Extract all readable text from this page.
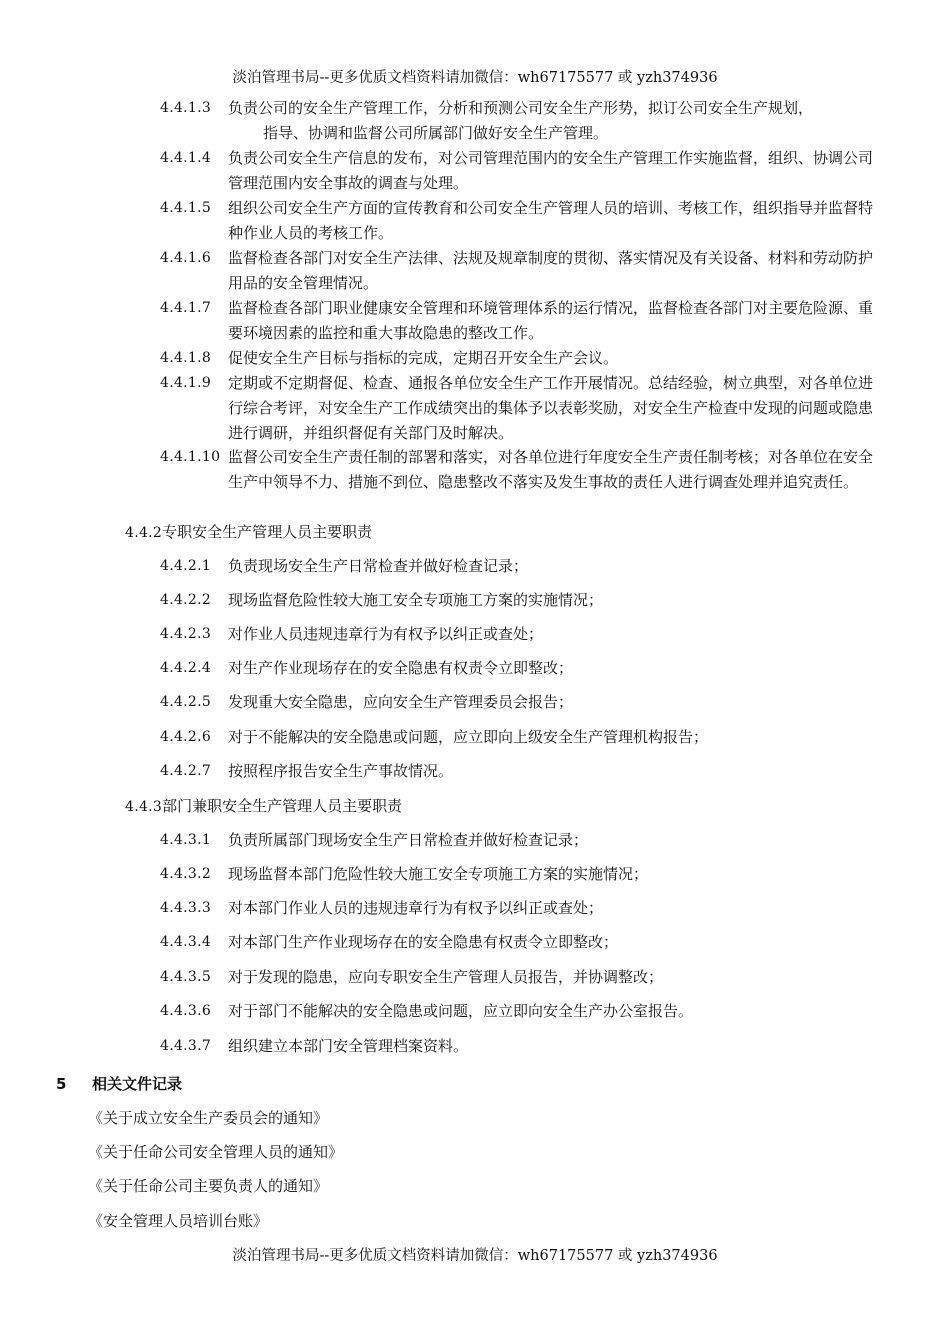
淡泊管理书局--更多优质文档资料请加微信：wh67175577 或 yzh374936
4.4.1.3	负责公司的安全生产管理工作，分析和预测公司安全生产形势，拟订公司安全生产规划，
指导、协调和监督公司所属部门做好安全生产管理。
4.4.1.4	负责公司安全生产信息的发布，对公司管理范围内的安全生产管理工作实施监督，组织、协调公司管理范围内安全事故的调查与处理。
4.4.1.5	组织公司安全生产方面的宣传教育和公司安全生产管理人员的培训、考核工作，组织指导并监督特种作业人员的考核工作。
4.4.1.6	监督检查各部门对安全生产法律、法规及规章制度的贯彻、落实情况及有关设备、材料和劳动防护用品的安全管理情况。
4.4.1.7	监督检查各部门职业健康安全管理和环境管理体系的运行情况，监督检查各部门对主要危险源、重要环境因素的监控和重大事故隐患的整改工作。
4.4.1.8	促使安全生产目标与指标的完成，定期召开安全生产会议。
4.4.1.9	定期或不定期督促、检查、通报各单位安全生产工作开展情况。总结经验，树立典型，对各单位进行综合考评，对安全生产工作成绩突出的集体予以表彰奖励，对安全生产检查中发现的问题或隐患进行调研，并组织督促有关部门及时解决。
4.4.1.10 监督公司安全生产责任制的部署和落实，对各单位进行年度安全生产责任制考核；对各单位在安全生产中领导不力、措施不到位、隐患整改不落实及发生事故的责任人进行调查处理并追究责任。
4.4.2专职安全生产管理人员主要职责
4.4.2.1	负责现场安全生产日常检查并做好检查记录；
4.4.2.2	现场监督危险性较大施工安全专项施工方案的实施情况；
4.4.2.3	对作业人员违规违章行为有权予以纠正或查处；
4.4.2.4	对生产作业现场存在的安全隐患有权责令立即整改；
4.4.2.5	发现重大安全隐患，应向安全生产管理委员会报告；
4.4.2.6	对于不能解决的安全隐患或问题，应立即向上级安全生产管理机构报告；
4.4.2.7	按照程序报告安全生产事故情况。
4.4.3部门兼职安全生产管理人员主要职责
4.4.3.1	负责所属部门现场安全生产日常检查并做好检查记录；
4.4.3.2	现场监督本部门危险性较大施工安全专项施工方案的实施情况；
4.4.3.3	对本部门作业人员的违规违章行为有权予以纠正或查处；
4.4.3.4	对本部门生产作业现场存在的安全隐患有权责令立即整改；
4.4.3.5	对于发现的隐患，应向专职安全生产管理人员报告，并协调整改；
4.4.3.6	对于部门不能解决的安全隐患或问题，应立即向安全生产办公室报告。
4.4.3.7	组织建立本部门安全管理档案资料。
5 相关文件记录
《关于成立安全生产委员会的通知》
《关于任命公司安全管理人员的通知》
《关于任命公司主要负责人的通知》
《安全管理人员培训台账》
淡泊管理书局--更多优质文档资料请加微信：wh67175577 或 yzh374936
